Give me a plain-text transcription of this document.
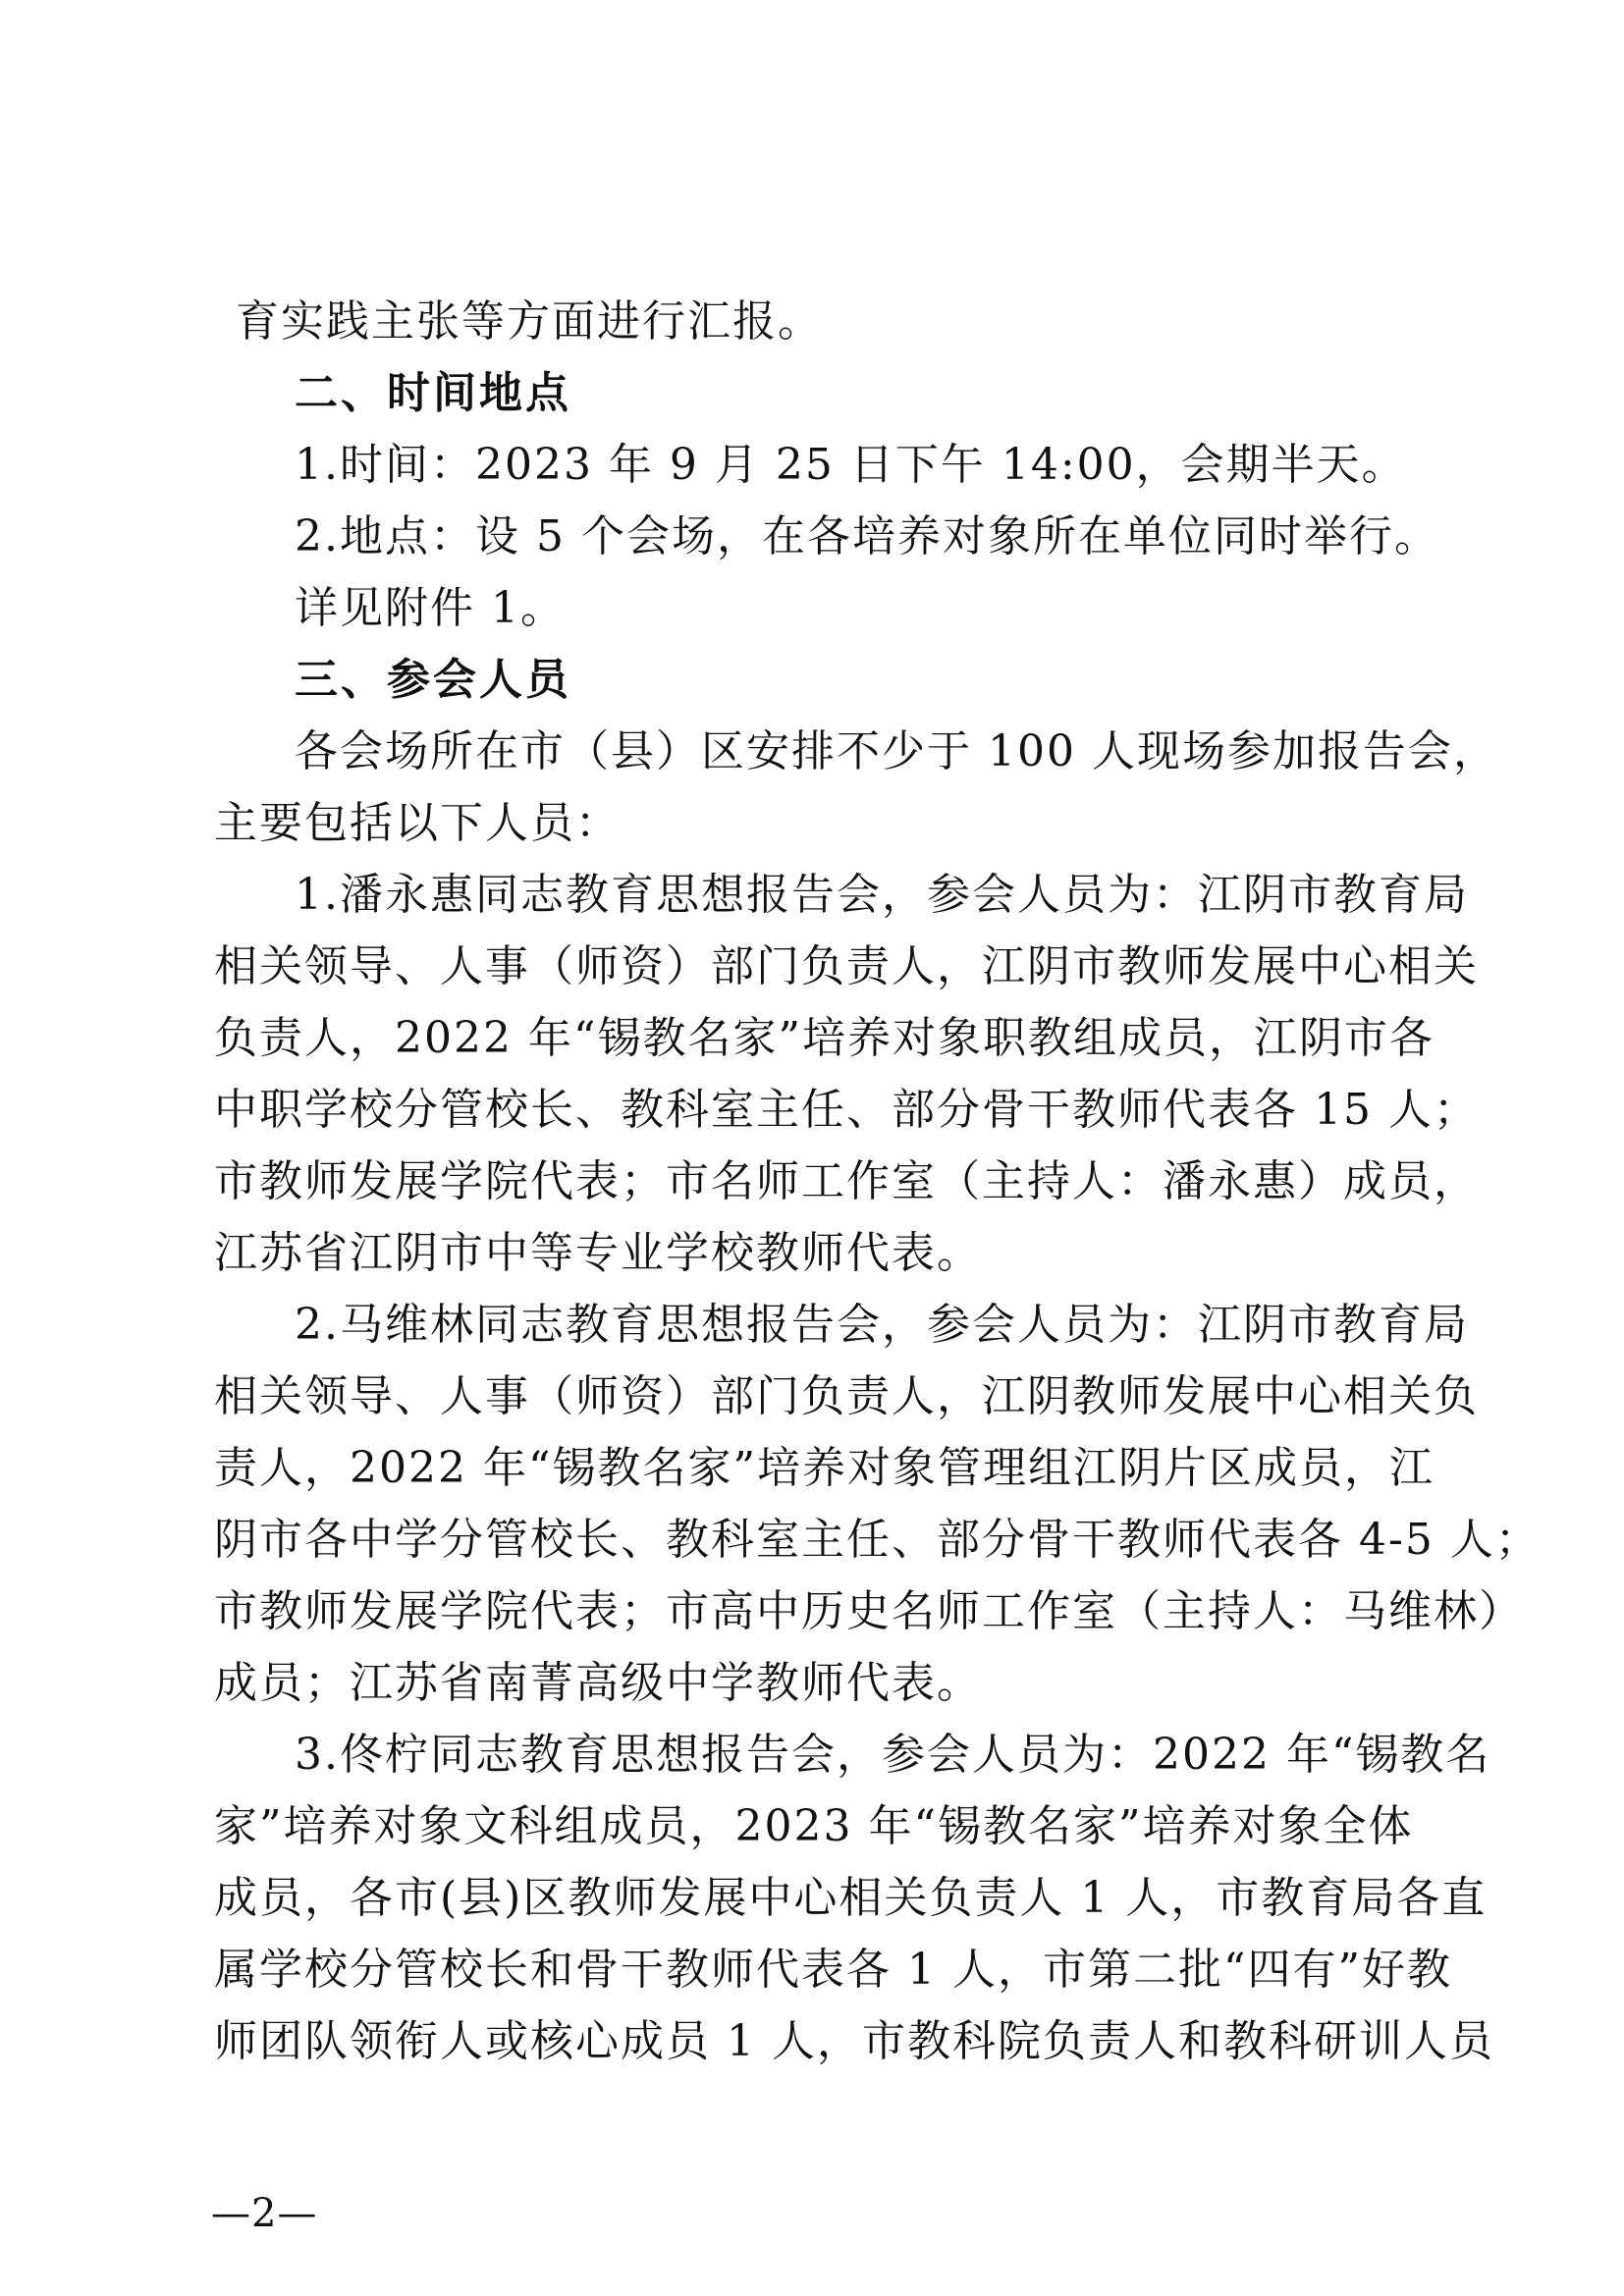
育实践主张等方面进行汇报。
二、时间地点
1.时间：2023 年 9 月 25 日下午 14:00，会期半天。
2.地点：设 5 个会场，在各培养对象所在单位同时举行。
详见附件 1。
三、参会人员
各会场所在市（县）区安排不少于 100 人现场参加报告会，
主要包括以下人员：
1.潘永惠同志教育思想报告会，参会人员为：江阴市教育局
相关领导、人事（师资）部门负责人，江阴市教师发展中心相关
负责人，2022 年“锡教名家”培养对象职教组成员，江阴市各
中职学校分管校长、教科室主任、部分骨干教师代表各 15 人；
市教师发展学院代表；市名师工作室（主持人：潘永惠）成员，
江苏省江阴市中等专业学校教师代表。
2.马维林同志教育思想报告会，参会人员为：江阴市教育局
相关领导、人事（师资）部门负责人，江阴教师发展中心相关负
责人，2022 年“锡教名家”培养对象管理组江阴片区成员，江
阴市各中学分管校长、教科室主任、部分骨干教师代表各 4-5 人；
市教师发展学院代表；市高中历史名师工作室（主持人：马维林）
成员；江苏省南菁高级中学教师代表。
3.佟柠同志教育思想报告会，参会人员为：2022 年“锡教名
家”培养对象文科组成员，2023 年“锡教名家”培养对象全体
成员，各市(县)区教师发展中心相关负责人 1 人，市教育局各直
属学校分管校长和骨干教师代表各 1 人，市第二批“四有”好教
师团队领衔人或核心成员 1 人，市教科院负责人和教科研训人员
—2—
